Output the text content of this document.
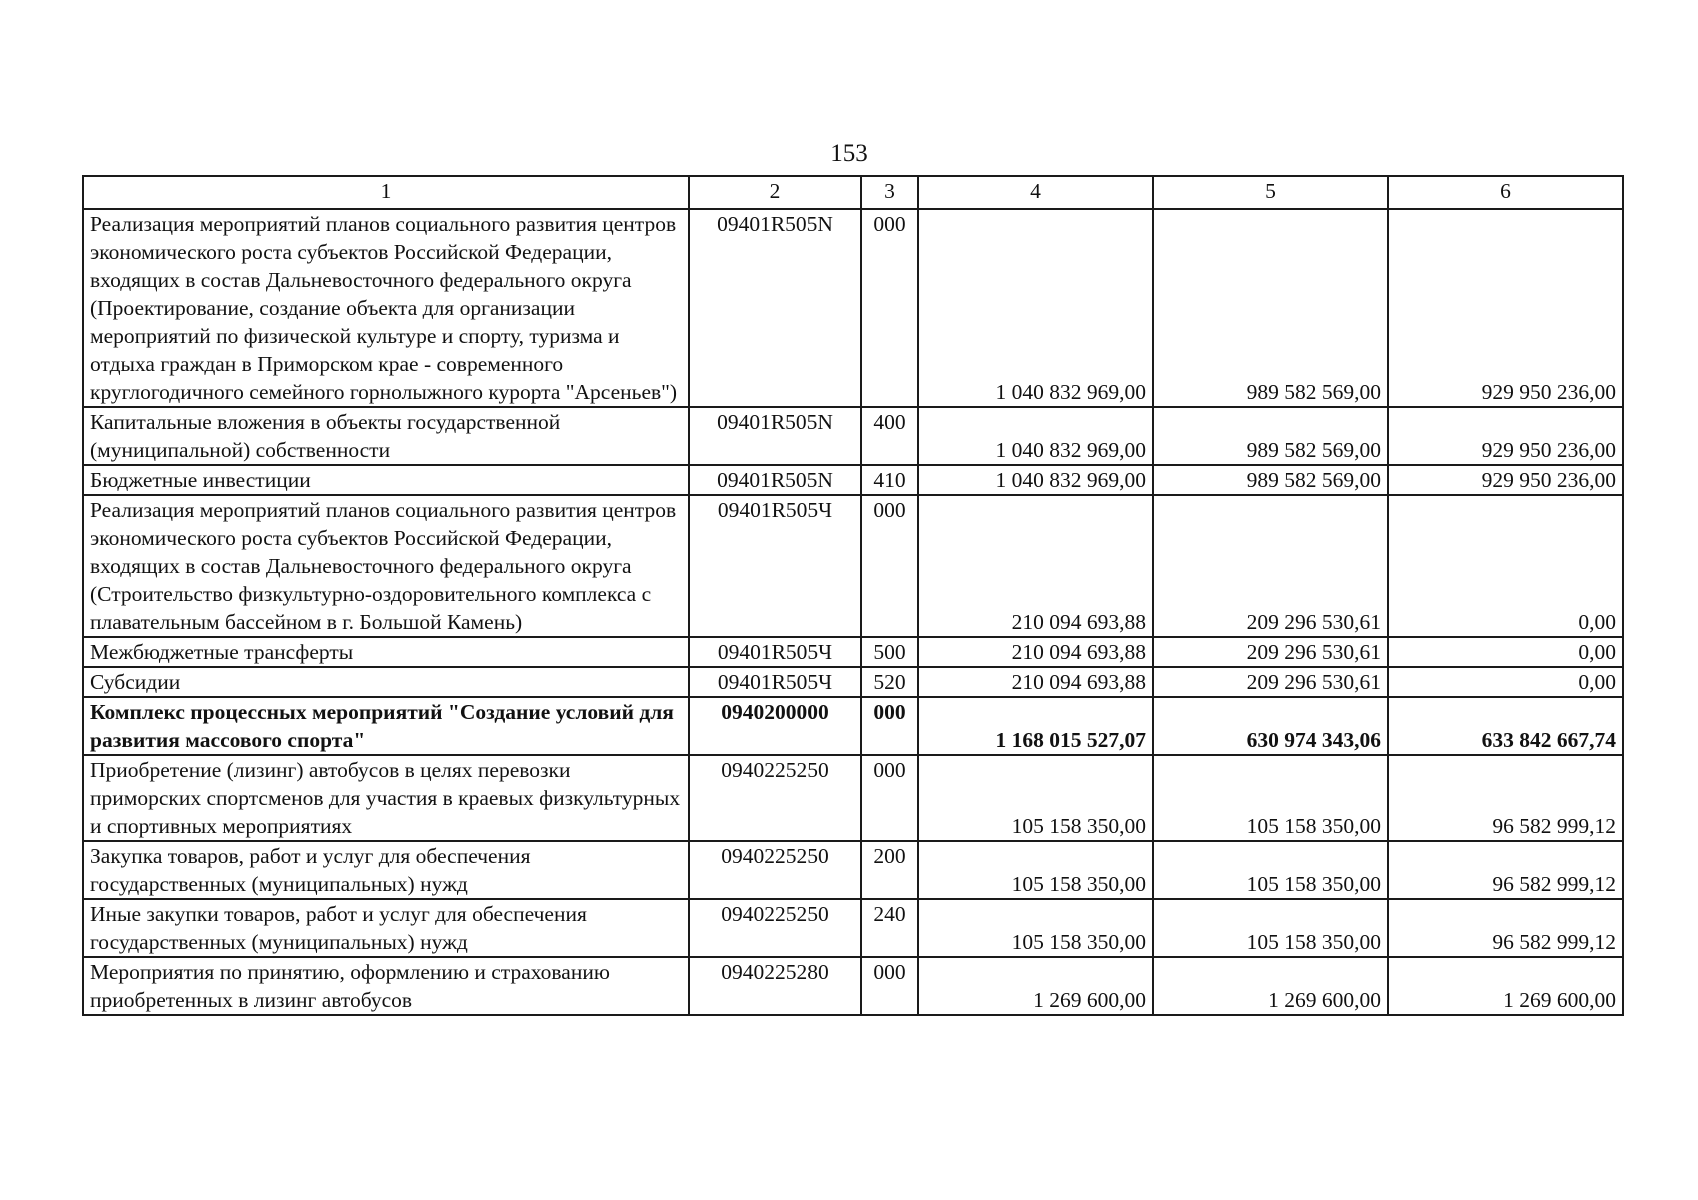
153
1	2	3	4	5	6
Реализация мероприятий планов социального развития центров экономического роста субъектов Российской Федерации, входящих в состав Дальневосточного федерального округа (Проектирование, создание объекта для организации мероприятий по физической культуре и спорту, туризма и отдыха граждан в Приморском крае - современного круглогодичного семейного горнолыжного курорта "Арсеньев")	09401R505N	000	1 040 832 969,00	989 582 569,00	929 950 236,00
Капитальные вложения в объекты государственной (муниципальной) собственности	09401R505N	400	1 040 832 969,00	989 582 569,00	929 950 236,00
Бюджетные инвестиции	09401R505N	410	1 040 832 969,00	989 582 569,00	929 950 236,00
Реализация мероприятий планов социального развития центров экономического роста субъектов Российской Федерации, входящих в состав Дальневосточного федерального округа (Строительство физкультурно-оздоровительного комплекса с плавательным бассейном в г. Большой Камень)	09401R505Ч	000	210 094 693,88	209 296 530,61	0,00
Межбюджетные трансферты	09401R505Ч	500	210 094 693,88	209 296 530,61	0,00
Субсидии	09401R505Ч	520	210 094 693,88	209 296 530,61	0,00
Комплекс процессных мероприятий "Создание условий для развития массового спорта"	0940200000	000	1 168 015 527,07	630 974 343,06	633 842 667,74
Приобретение (лизинг) автобусов в целях перевозки приморских спортсменов для участия в краевых физкультурных и спортивных мероприятиях	0940225250	000	105 158 350,00	105 158 350,00	96 582 999,12
Закупка товаров, работ и услуг для обеспечения государственных (муниципальных) нужд	0940225250	200	105 158 350,00	105 158 350,00	96 582 999,12
Иные закупки товаров, работ и услуг для обеспечения государственных (муниципальных) нужд	0940225250	240	105 158 350,00	105 158 350,00	96 582 999,12
Мероприятия по принятию, оформлению и страхованию приобретенных в лизинг автобусов	0940225280	000	1 269 600,00	1 269 600,00	1 269 600,00
